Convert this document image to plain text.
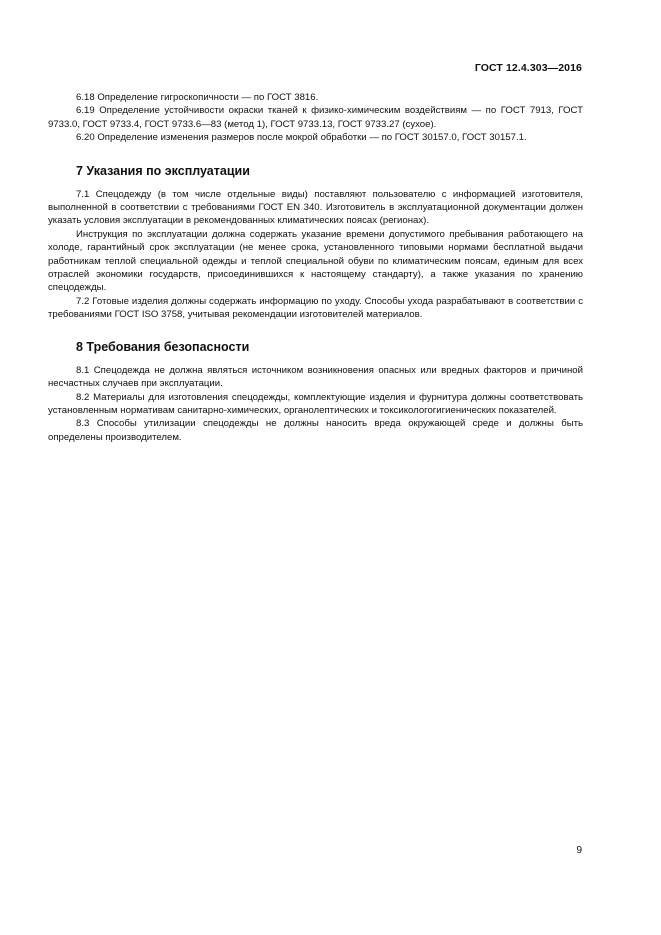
ГОСТ 12.4.303—2016

6.18 Определение гигроскопичности — по ГОСТ 3816.

6.19 Определение устойчивости окраски тканей к физико-химическим воздействиям — по ГОСТ 7913, ГОСТ 9733.0, ГОСТ 9733.4, ГОСТ 9733.6—83 (метод 1), ГОСТ 9733.13, ГОСТ 9733.27 (сухое).

6.20 Определение изменения размеров после мокрой обработки — по ГОСТ 30157.0, ГОСТ 30157.1.

7 Указания по эксплуатации

7.1 Спецодежду (в том числе отдельные виды) поставляют пользователю с информацией изготовителя, выполненной в соответствии с требованиями ГОСТ EN 340. Изготовитель в эксплуатационной документации должен указать условия эксплуатации в рекомендованных климатических поясах (регионах).

Инструкция по эксплуатации должна содержать указание времени допустимого пребывания работающего на холоде, гарантийный срок эксплуатации (не менее срока, установленного типовыми нормами бесплатной выдачи работникам теплой специальной одежды и теплой специальной обуви по климатическим поясам, единым для всех отраслей экономики государств, присоединившихся к настоящему стандарту), а также указания по хранению спецодежды.

7.2 Готовые изделия должны содержать информацию по уходу. Способы ухода разрабатывают в соответствии с требованиями ГОСТ ISO 3758, учитывая рекомендации изготовителей материалов.

8 Требования безопасности

8.1 Спецодежда не должна являться источником возникновения опасных или вредных факторов и причиной несчастных случаев при эксплуатации.

8.2 Материалы для изготовления спецодежды, комплектующие изделия и фурнитура должны соответствовать установленным нормативам санитарно-химических, органолептических и токсикологогигиенических показателей.

8.3 Способы утилизации спецодежды не должны наносить вреда окружающей среде и должны быть определены производителем.

9
